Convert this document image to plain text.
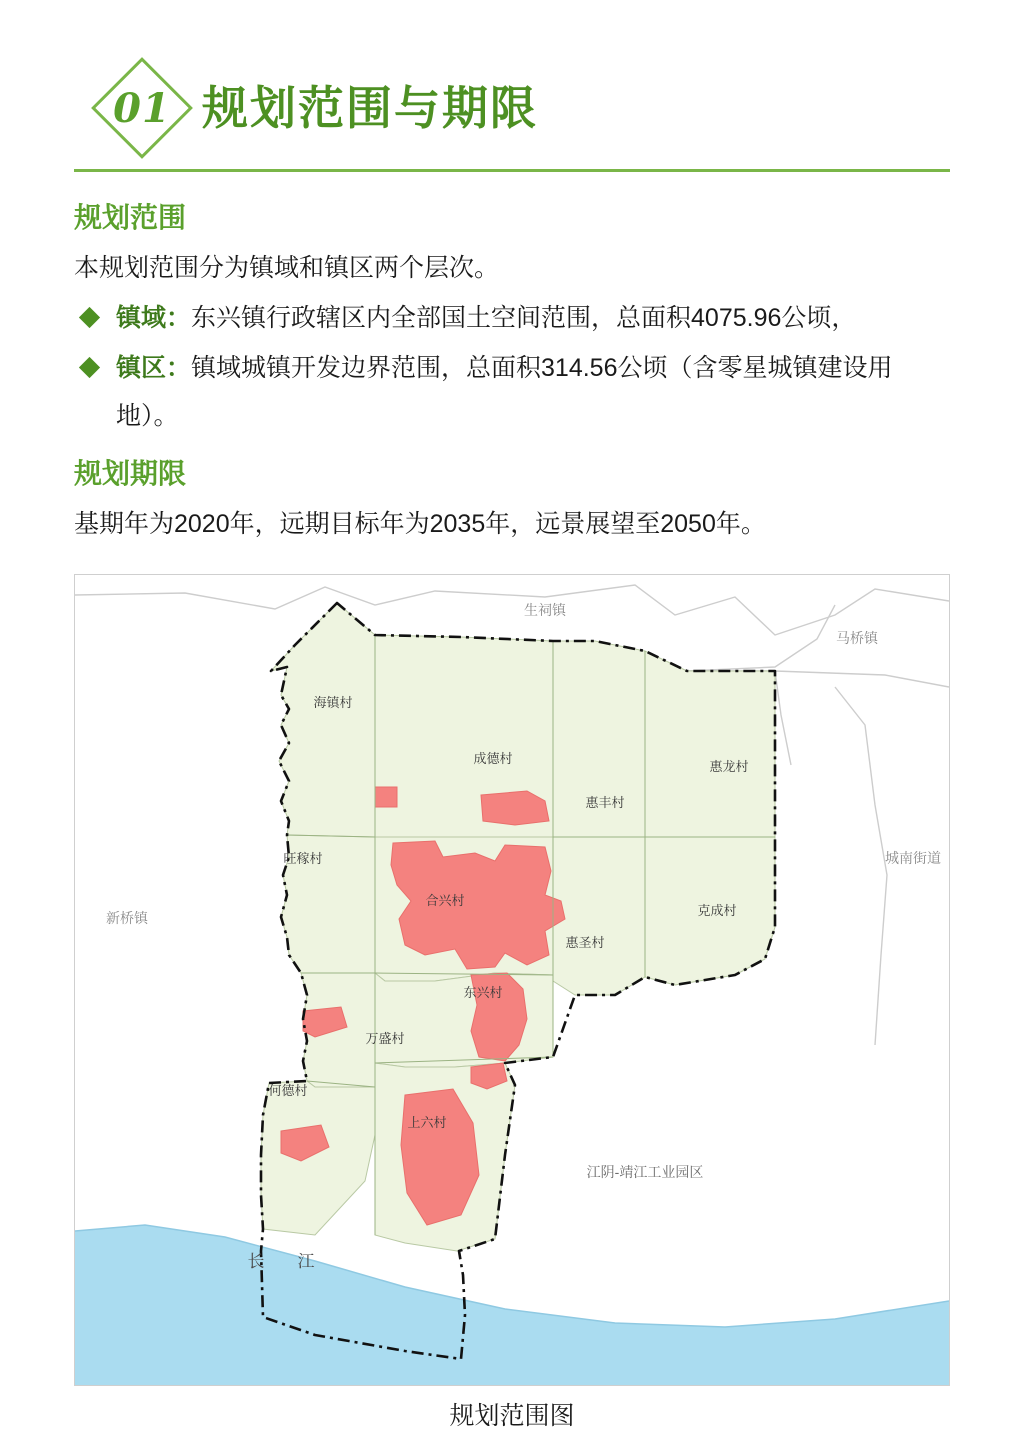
01 规划范围与期限
规划范围

本规划范围分为镇域和镇区两个层次。

镇域：东兴镇行政辖区内全部国土空间范围，总面积4075.96公顷，
镇区：镇域城镇开发边界范围，总面积314.56公顷（含零星城镇建设用地）。
规划期限

基期年为2020年，远期目标年为2035年，远景展望至2050年。

海镇村
成德村
惠丰村
惠龙村
旺稼村
合兴村
惠圣村
克成村
东兴村
万盛村
何德村
上六村
生祠镇
马桥镇
城南街道
新桥镇
江阴-靖江工业园区
长　江
规划范围图
